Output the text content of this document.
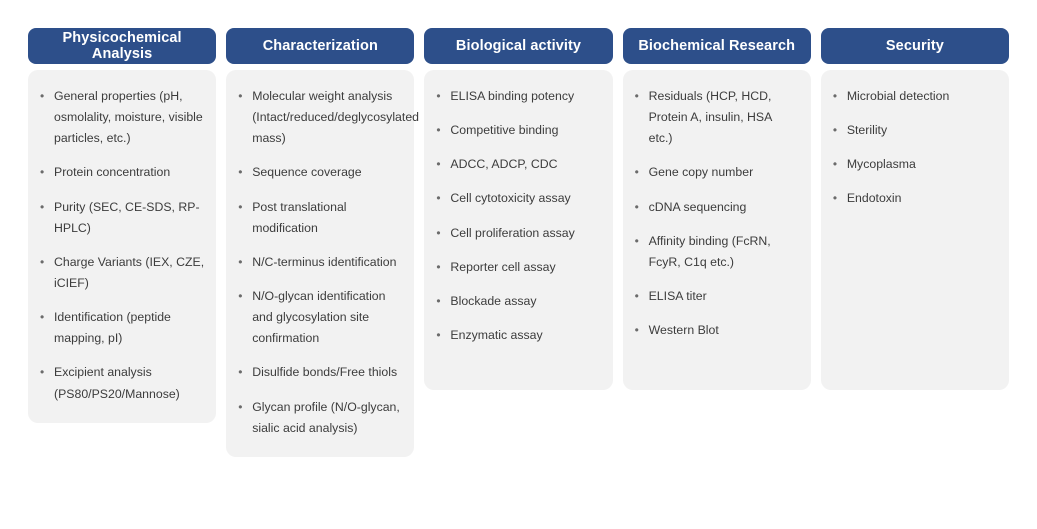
Physicochemical Analysis
• General properties (pH, osmolality, moisture, visible particles, etc.)
• Protein concentration
• Purity (SEC, CE-SDS, RP-HPLC)
• Charge Variants (IEX, CZE, iCIEF)
• Identification (peptide mapping, pI)
• Excipient analysis (PS80/PS20/Mannose)
Characterization
• Molecular weight analysis (Intact/reduced/deglycosylated mass)
• Sequence coverage
• Post translational modification
• N/C-terminus identification
• N/O-glycan identification and glycosylation site confirmation
• Disulfide bonds/Free thiols
• Glycan profile (N/O-glycan, sialic acid analysis)
Biological activity
• ELISA binding potency
• Competitive binding
• ADCC, ADCP, CDC
• Cell cytotoxicity assay
• Cell proliferation assay
• Reporter cell assay
• Blockade assay
• Enzymatic assay
Biochemical Research
• Residuals (HCP, HCD, Protein A, insulin, HSA etc.)
• Gene copy number
• cDNA sequencing
• Affinity binding (FcRN, FcyR, C1q etc.)
• ELISA titer
• Western Blot
Security
• Microbial detection
• Sterility
• Mycoplasma
• Endotoxin
